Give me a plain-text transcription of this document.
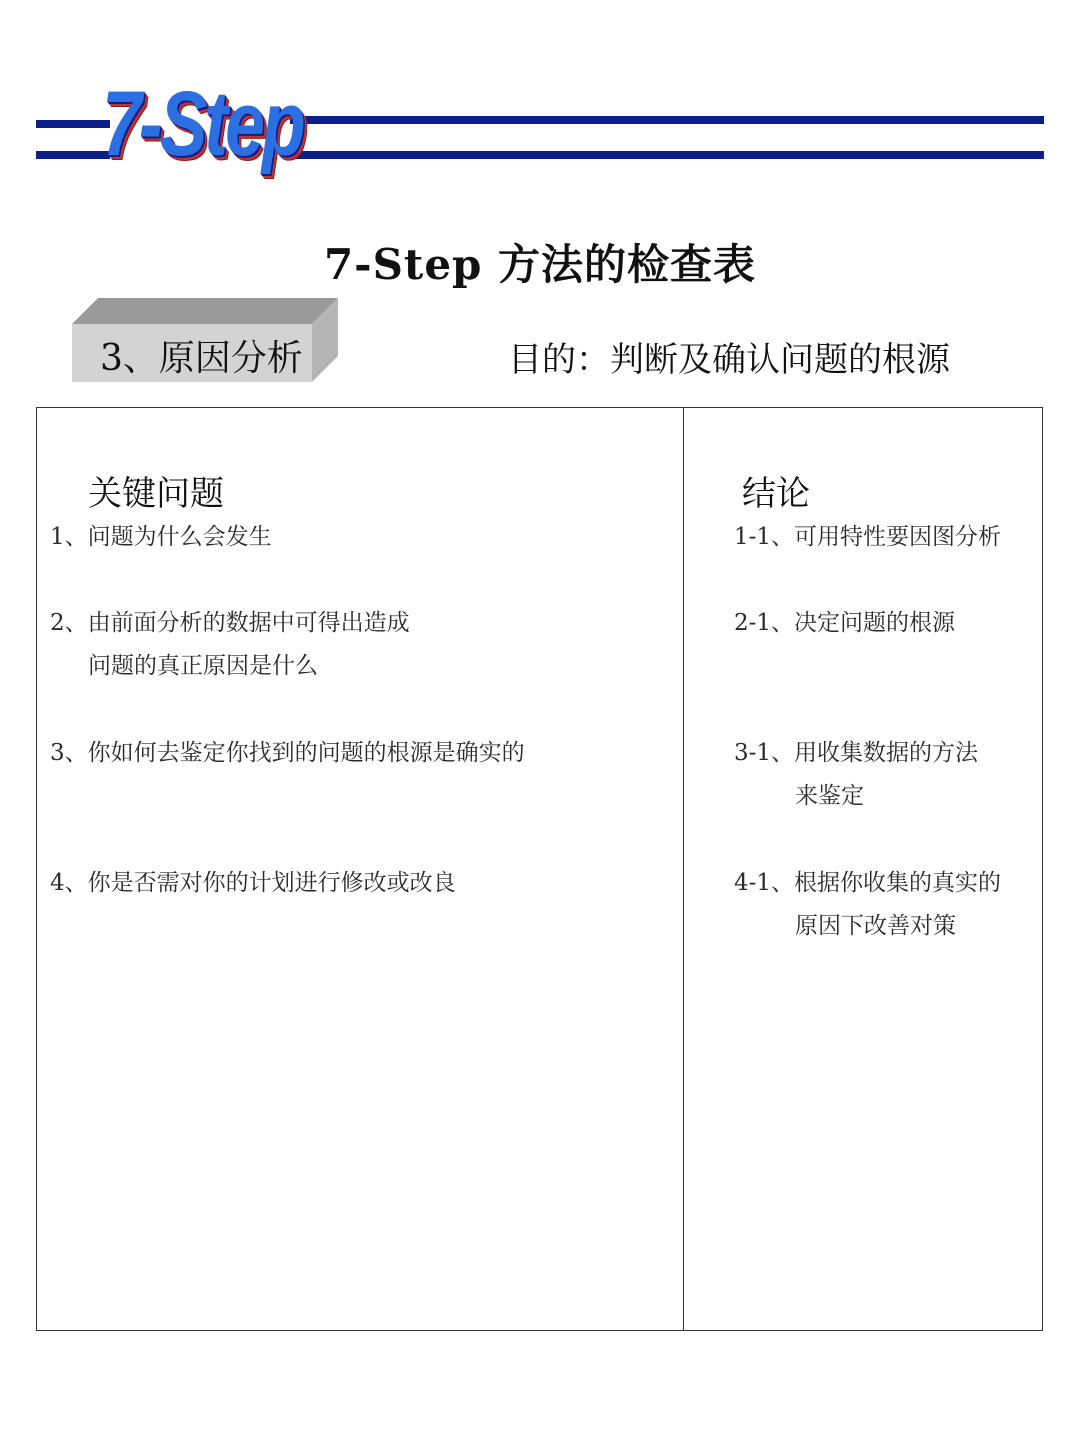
7-Step
7-Step 方法的检查表
3、原因分析	目的：判断及确认问题的根源
关键问题	结论
1、问题为什么会发生
2、由前面分析的数据中可得出造成
问题的真正原因是什么
3、你如何去鉴定你找到的问题的根源是确实的
4、你是否需对你的计划进行修改或改良
1-1、可用特性要因图分析
2-1、决定问题的根源
3-1、用收集数据的方法
来鉴定
4-1、根据你收集的真实的
原因下改善对策
